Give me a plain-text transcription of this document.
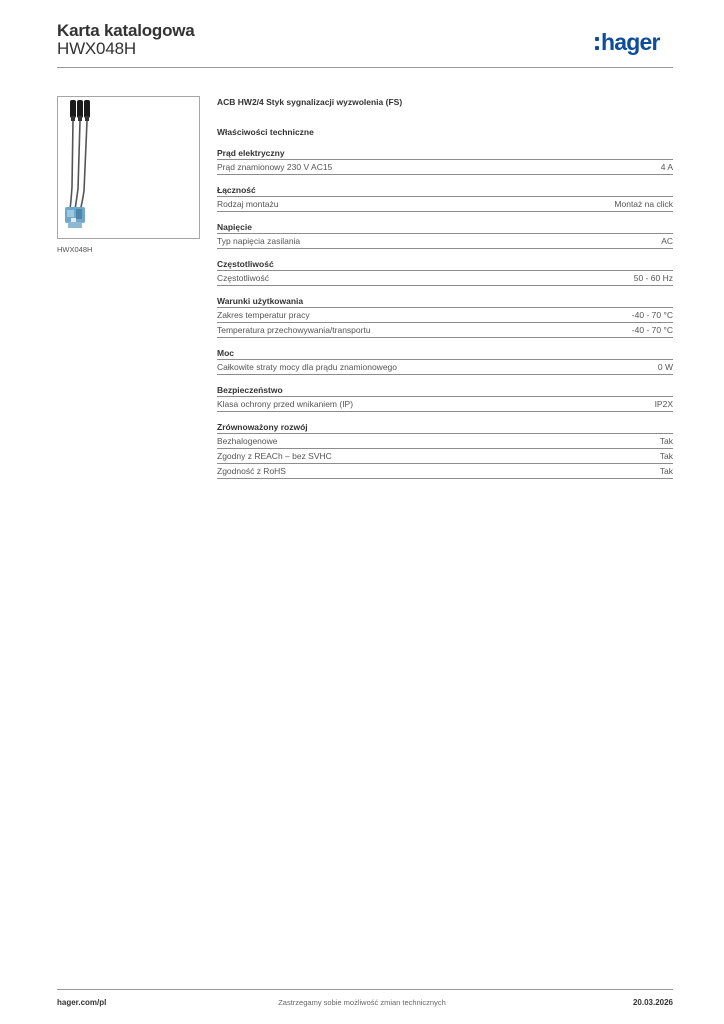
Karta katalogowa
HWX048H	hager
HWX048H
ACB HW2/4 Styk sygnalizacji wyzwolenia (FS)
Właściwości techniczne
Prąd elektryczny
Prąd znamionowy 230 V AC15	4 A
Łączność
Rodzaj montażu	Montaż na click
Napięcie
Typ napięcia zasilania	AC
Częstotliwość
Częstotliwość	50 - 60 Hz
Warunki użytkowania
Zakres temperatur pracy	-40 - 70 °C
Temperatura przechowywania/transportu	-40 - 70 °C
Moc
Całkowite straty mocy dla prądu znamionowego	0 W
Bezpieczeństwo
Klasa ochrony przed wnikaniem (IP)	IP2X
Zrównoważony rozwój
Bezhalogenowe	Tak
Zgodny z REACh – bez SVHC	Tak
Zgodność z RoHS	Tak
hager.com/pl	Zastrzegamy sobie możliwość zmian technicznych	20.03.2026
